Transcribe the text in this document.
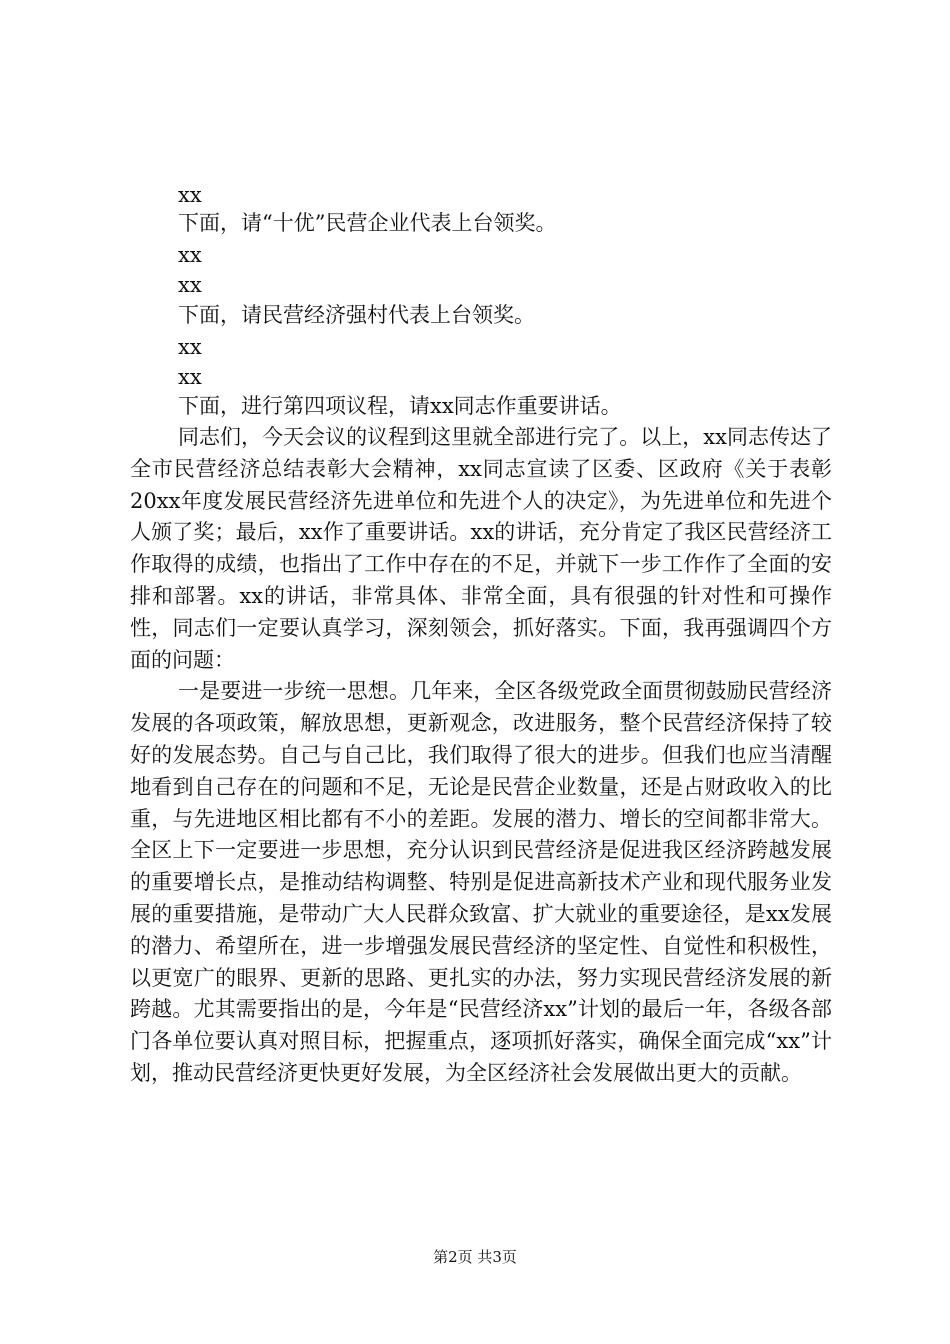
xx
下面，请“十优”民营企业代表上台领奖。
xx
xx
下面，请民营经济强村代表上台领奖。
xx
xx
下面，进行第四项议程，请xx同志作重要讲话。

同志们，今天会议的议程到这里就全部进行完了。以上，xx同志传达了全市民营经济总结表彰大会精神，xx同志宣读了区委、区政府《关于表彰20xx年度发展民营经济先进单位和先进个人的决定》，为先进单位和先进个人颁了奖；最后，xx作了重要讲话。xx的讲话，充分肯定了我区民营经济工作取得的成绩，也指出了工作中存在的不足，并就下一步工作作了全面的安排和部署。xx的讲话，非常具体、非常全面，具有很强的针对性和可操作性，同志们一定要认真学习，深刻领会，抓好落实。下面，我再强调四个方面的问题：

一是要进一步统一思想。几年来，全区各级党政全面贯彻鼓励民营经济发展的各项政策，解放思想，更新观念，改进服务，整个民营经济保持了较好的发展态势。自己与自己比，我们取得了很大的进步。但我们也应当清醒地看到自己存在的问题和不足，无论是民营企业数量，还是占财政收入的比重，与先进地区相比都有不小的差距。发展的潜力、增长的空间都非常大。全区上下一定要进一步思想，充分认识到民营经济是促进我区经济跨越发展的重要增长点，是推动结构调整、特别是促进高新技术产业和现代服务业发展的重要措施，是带动广大人民群众致富、扩大就业的重要途径，是xx发展的潜力、希望所在，进一步增强发展民营经济的坚定性、自觉性和积极性，以更宽广的眼界、更新的思路、更扎实的办法，努力实现民营经济发展的新跨越。尤其需要指出的是，今年是“民营经济xx”计划的最后一年，各级各部门各单位要认真对照目标，把握重点，逐项抓好落实，确保全面完成“xx”计划，推动民营经济更快更好发展，为全区经济社会发展做出更大的贡献。

第2页 共3页
